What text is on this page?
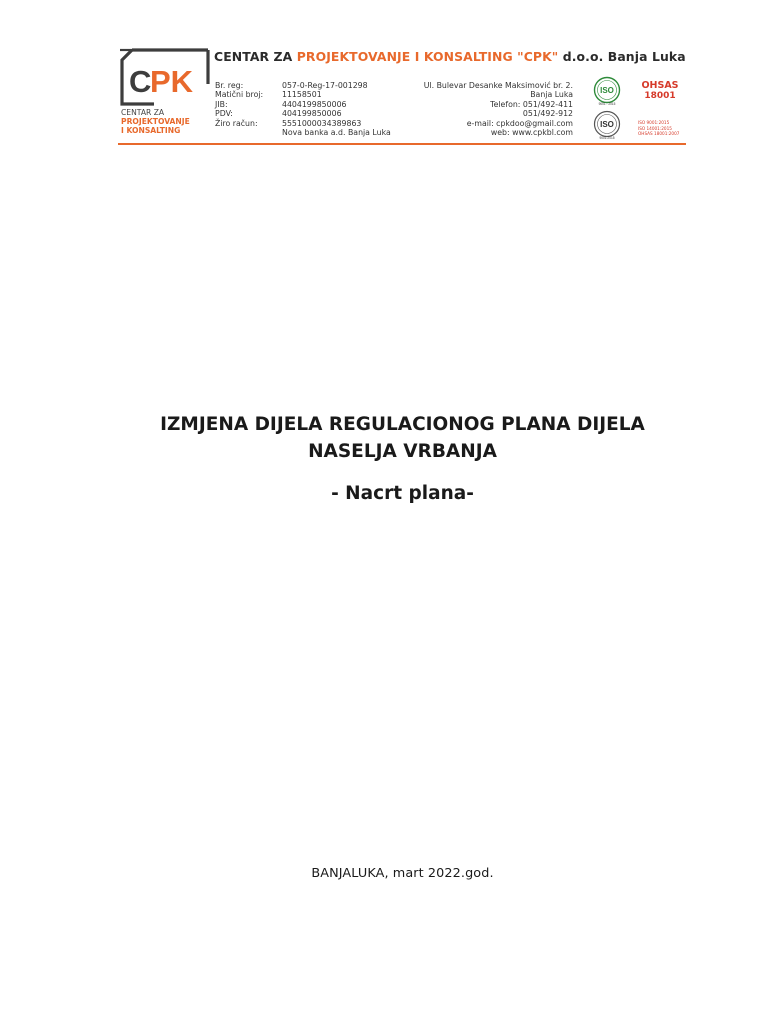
C
PK
CENTAR ZA
PROJEKTOVANJE
I KONSALTING
CENTAR ZA PROJEKTOVANJE I KONSALTING "CPK" d.o.o. Banja Luka
Br. reg:
Matični broj:
JIB:
PDV:
Žiro račun:
057-0-Reg-17-001298
11158501
4404199850006
404199850006
5551000034389863
Nova banka a.d. Banja Luka
Ul. Bulevar Desanke Maksimović br. 2.
Banja Luka
Telefon: 051/492-411
051/492-912
e-mail: cpkdoo@gmail.com
web: www.cpkbl.com
ISO
9001 : 2015
ISO
9001:2015
OHSAS
18001
ISO 9001:2015
ISO 14001:2015
OHSAS 18001:2007
IZMJENA DIJELA REGULACIONOG PLANA DIJELA
NASELJA VRBANJA
- Nacrt plana-
BANJALUKA, mart 2022.god.
